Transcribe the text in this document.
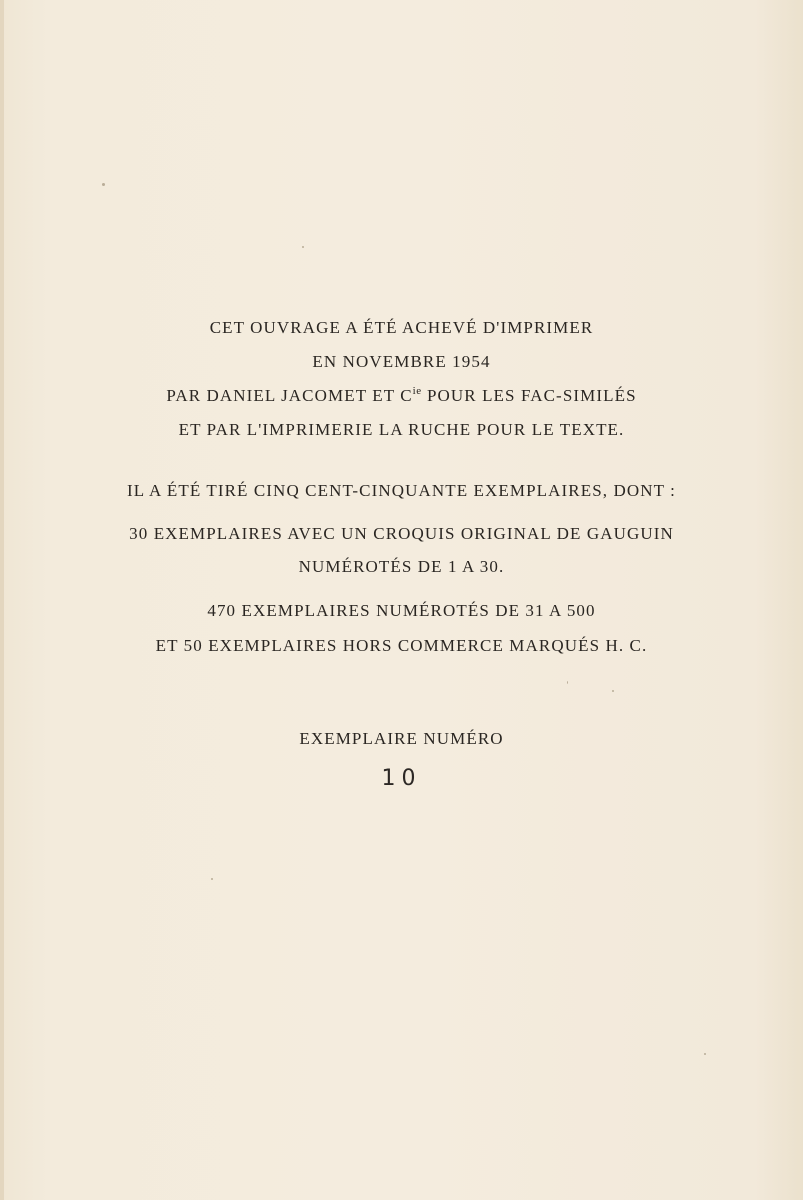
CET OUVRAGE A ÉTÉ ACHEVÉ D'IMPRIMER
EN NOVEMBRE 1954
PAR DANIEL JACOMET ET $C^{ie}$ POUR LES FAC-SIMILÉS
ET PAR L'IMPRIMERIE LA RUCHE POUR LE TEXTE.
IL A ÉTÉ TIRÉ CINQ CENT-CINQUANTE EXEMPLAIRES, DONT :
30 EXEMPLAIRES AVEC UN CROQUIS ORIGINAL DE GAUGUIN
NUMÉROTÉS DE 1 A 30.
470 EXEMPLAIRES NUMÉROTÉS DE 31 A 500
ET 50 EXEMPLAIRES HORS COMMERCE MARQUÉS H. C.
EXEMPLAIRE NUMÉRO
10
